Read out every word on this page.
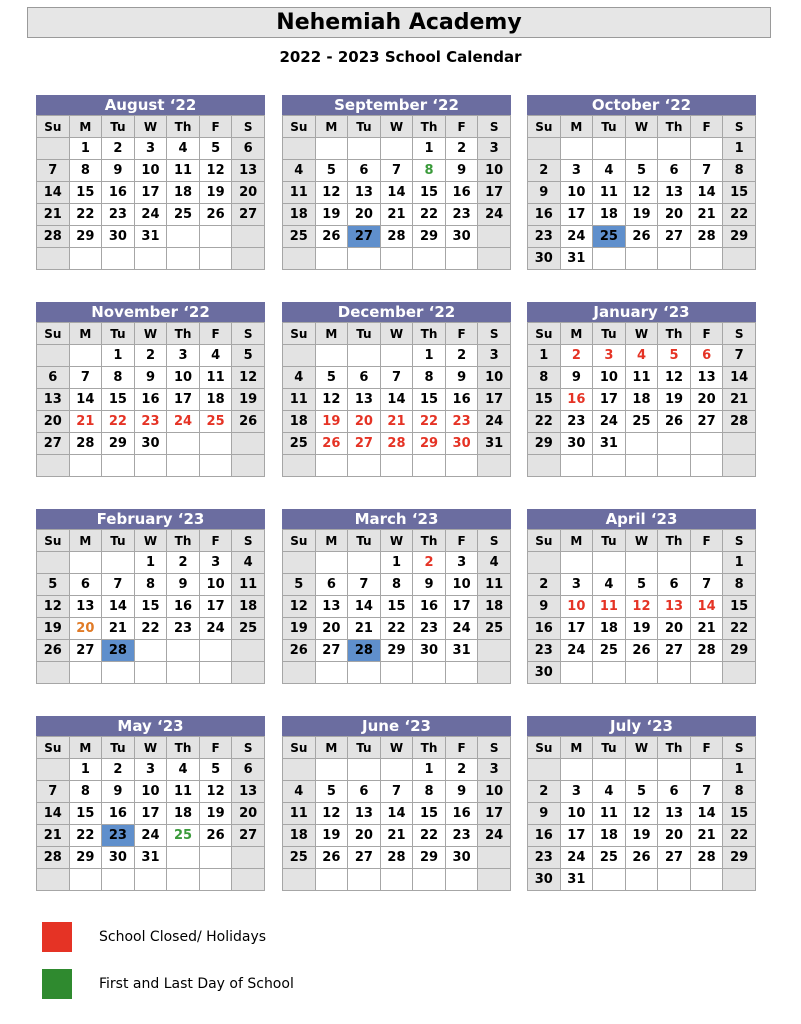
Nehemiah Academy
2022 - 2023 School Calendar
August ‘22
Su	M	Tu	W	Th	F	S
	1	2	3	4	5	6
7	8	9	10	11	12	13
14	15	16	17	18	19	20
21	22	23	24	25	26	27
28	29	30	31			

September ‘22
Su	M	Tu	W	Th	F	S
				1	2	3
4	5	6	7	8	9	10
11	12	13	14	15	16	17
18	19	20	21	22	23	24
25	26	27	28	29	30	

October ‘22
Su	M	Tu	W	Th	F	S
						1
2	3	4	5	6	7	8
9	10	11	12	13	14	15
16	17	18	19	20	21	22
23	24	25	26	27	28	29
30	31					
November ‘22
Su	M	Tu	W	Th	F	S
		1	2	3	4	5
6	7	8	9	10	11	12
13	14	15	16	17	18	19
20	21	22	23	24	25	26
27	28	29	30			

December ‘22
Su	M	Tu	W	Th	F	S
				1	2	3
4	5	6	7	8	9	10
11	12	13	14	15	16	17
18	19	20	21	22	23	24
25	26	27	28	29	30	31

January ‘23
Su	M	Tu	W	Th	F	S
1	2	3	4	5	6	7
8	9	10	11	12	13	14
15	16	17	18	19	20	21
22	23	24	25	26	27	28
29	30	31				

February ‘23
Su	M	Tu	W	Th	F	S
			1	2	3	4
5	6	7	8	9	10	11
12	13	14	15	16	17	18
19	20	21	22	23	24	25
26	27	28				

March ‘23
Su	M	Tu	W	Th	F	S
			1	2	3	4
5	6	7	8	9	10	11
12	13	14	15	16	17	18
19	20	21	22	23	24	25
26	27	28	29	30	31	

April ‘23
Su	M	Tu	W	Th	F	S
						1
2	3	4	5	6	7	8
9	10	11	12	13	14	15
16	17	18	19	20	21	22
23	24	25	26	27	28	29
30						
May ‘23
Su	M	Tu	W	Th	F	S
	1	2	3	4	5	6
7	8	9	10	11	12	13
14	15	16	17	18	19	20
21	22	23	24	25	26	27
28	29	30	31			

June ‘23
Su	M	Tu	W	Th	F	S
				1	2	3
4	5	6	7	8	9	10
11	12	13	14	15	16	17
18	19	20	21	22	23	24
25	26	27	28	29	30	

July ‘23
Su	M	Tu	W	Th	F	S
						1
2	3	4	5	6	7	8
9	10	11	12	13	14	15
16	17	18	19	20	21	22
23	24	25	26	27	28	29
30	31					
School Closed/ Holidays
First and Last Day of School
